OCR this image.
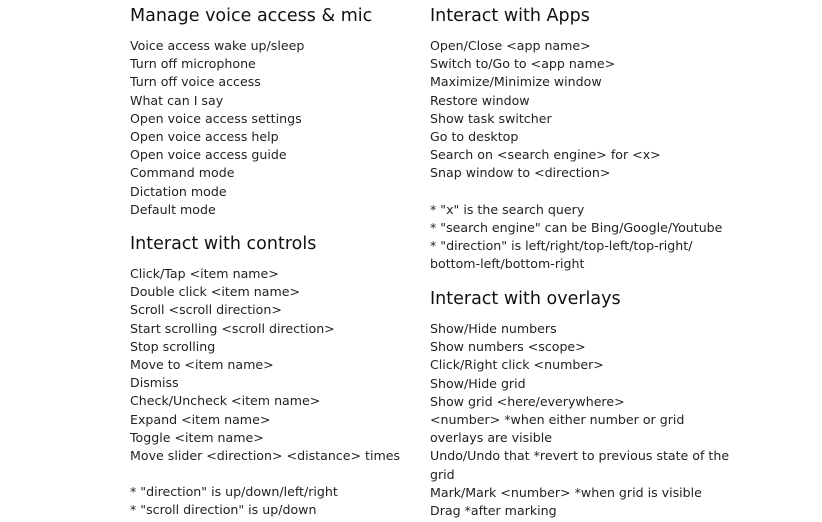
Manage voice access & mic
Voice access wake up/sleep
Turn off microphone
Turn off voice access
What can I say
Open voice access settings
Open voice access help
Open voice access guide
Command mode
Dictation mode
Default mode
Interact with controls
Click/Tap <item name>
Double click <item name>
Scroll <scroll direction>
Start scrolling <scroll direction>
Stop scrolling
Move to <item name>
Dismiss
Check/Uncheck <item name>
Expand <item name>
Toggle <item name>
Move slider <direction> <distance> times
* "direction" is up/down/left/right
* "scroll direction" is up/down
Interact with Apps
Open/Close <app name>
Switch to/Go to <app name>
Maximize/Minimize window
Restore window
Show task switcher
Go to desktop
Search on <search engine> for <x>
Snap window to <direction>
* "x" is the search query
* "search engine" can be Bing/Google/Youtube
* "direction" is left/right/top-left/top-right/
bottom-left/bottom-right
Interact with overlays
Show/Hide numbers
Show numbers <scope>
Click/Right click <number>
Show/Hide grid
Show grid <here/everywhere>
<number> *when either number or grid
overlays are visible
Undo/Undo that *revert to previous state of the
grid
Mark/Mark <number> *when grid is visible
Drag *after marking
